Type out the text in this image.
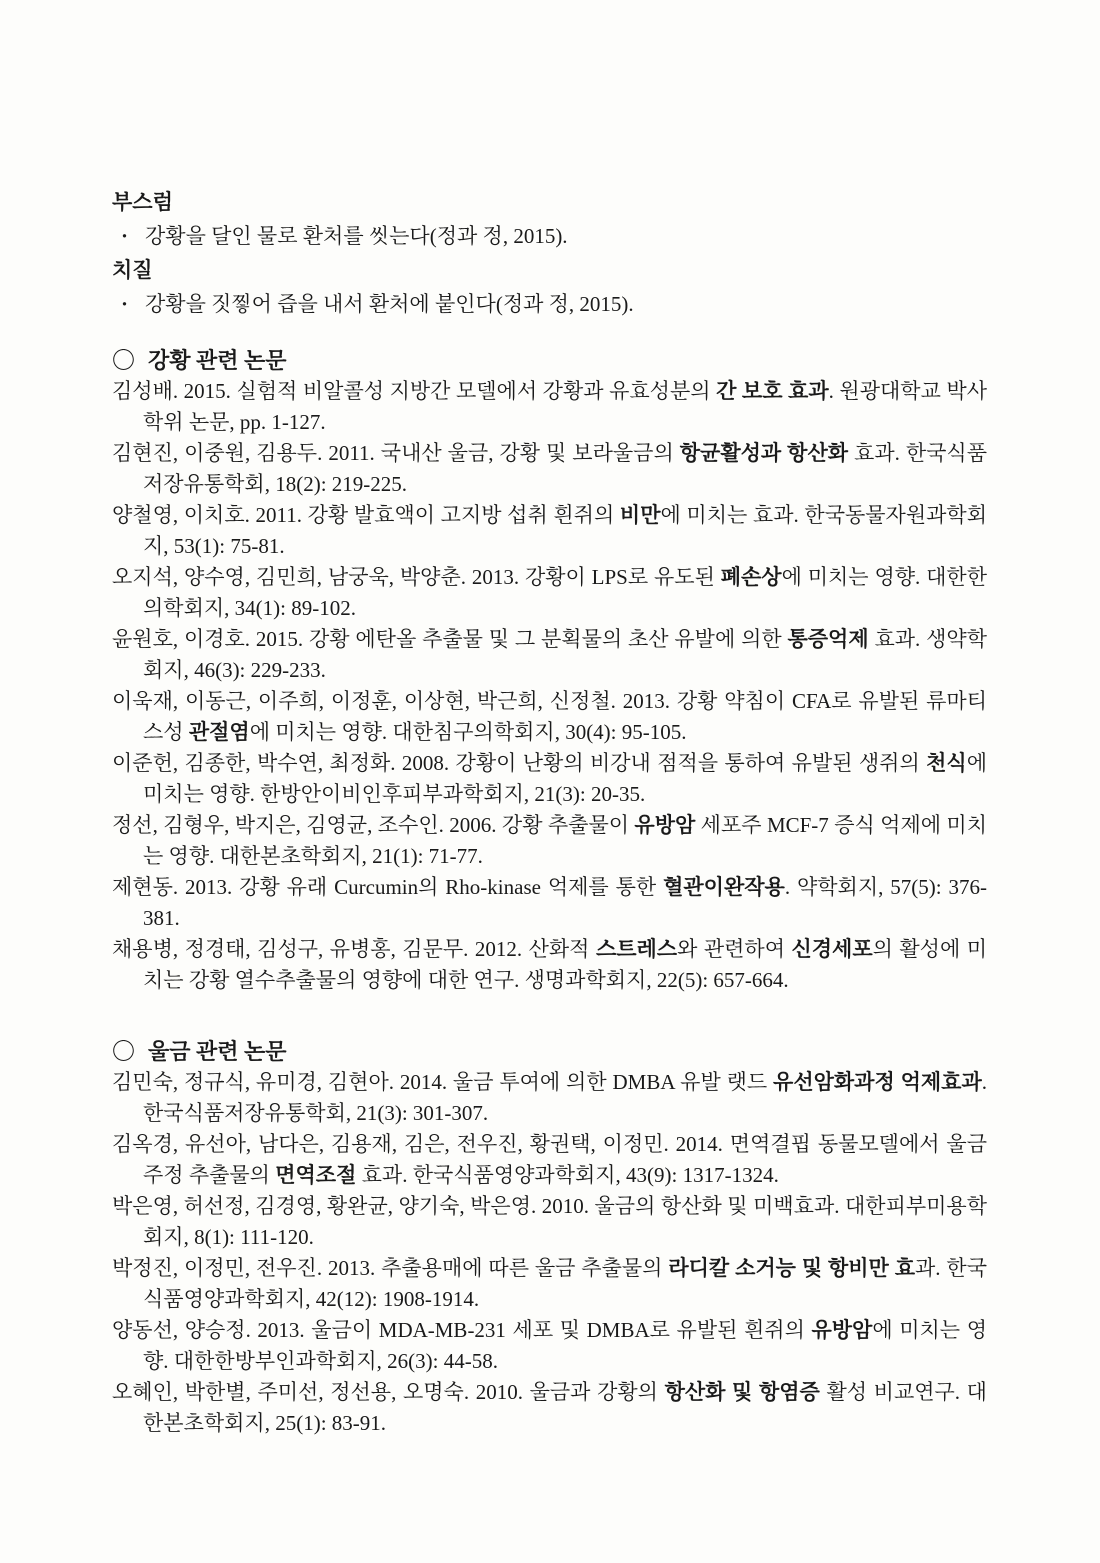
부스럼

· 강황을 달인 물로 환처를 씻는다(정과 정, 2015).

치질

· 강황을 짓찧어 즙을 내서 환처에 붙인다(정과 정, 2015).

〇 강황 관련 논문

김성배. 2015. 실험적 비알콜성 지방간 모델에서 강황과 유효성분의 간 보호 효과. 원광대학교 박사학위 논문, pp. 1-127.

김현진, 이중원, 김용두. 2011. 국내산 울금, 강황 및 보라울금의 항균활성과 항산화 효과. 한국식품저장유통학회, 18(2): 219-225.

양철영, 이치호. 2011. 강황 발효액이 고지방 섭취 흰쥐의 비만에 미치는 효과. 한국동물자원과학회지, 53(1): 75-81.

오지석, 양수영, 김민희, 남궁욱, 박양춘. 2013. 강황이 LPS로 유도된 폐손상에 미치는 영향. 대한한의학회지, 34(1): 89-102.

윤원호, 이경호. 2015. 강황 에탄올 추출물 및 그 분획물의 초산 유발에 의한 통증억제 효과. 생약학회지, 46(3): 229-233.

이욱재, 이동근, 이주희, 이정훈, 이상현, 박근희, 신정철. 2013. 강황 약침이 CFA로 유발된 류마티스성 관절염에 미치는 영향. 대한침구의학회지, 30(4): 95-105.

이준헌, 김종한, 박수연, 최정화. 2008. 강황이 난황의 비강내 점적을 통하여 유발된 생쥐의 천식에 미치는 영향. 한방안이비인후피부과학회지, 21(3): 20-35.

정선, 김형우, 박지은, 김영균, 조수인. 2006. 강황 추출물이 유방암 세포주 MCF-7 증식 억제에 미치는 영향. 대한본초학회지, 21(1): 71-77.

제현동. 2013. 강황 유래 Curcumin의 Rho-kinase 억제를 통한 혈관이완작용. 약학회지, 57(5): 376-381.

채용병, 정경태, 김성구, 유병홍, 김문무. 2012. 산화적 스트레스와 관련하여 신경세포의 활성에 미치는 강황 열수추출물의 영향에 대한 연구. 생명과학회지, 22(5): 657-664.

〇 울금 관련 논문

김민숙, 정규식, 유미경, 김현아. 2014. 울금 투여에 의한 DMBA 유발 랫드 유선암화과정 억제효과. 한국식품저장유통학회, 21(3): 301-307.

김옥경, 유선아, 남다은, 김용재, 김은, 전우진, 황권택, 이정민. 2014. 면역결핍 동물모델에서 울금 주정 추출물의 면역조절 효과. 한국식품영양과학회지, 43(9): 1317-1324.

박은영, 허선정, 김경영, 황완균, 양기숙, 박은영. 2010. 울금의 항산화 및 미백효과. 대한피부미용학회지, 8(1): 111-120.

박정진, 이정민, 전우진. 2013. 추출용매에 따른 울금 추출물의 라디칼 소거능 및 항비만 효과. 한국식품영양과학회지, 42(12): 1908-1914.

양동선, 양승정. 2013. 울금이 MDA-MB-231 세포 및 DMBA로 유발된 흰쥐의 유방암에 미치는 영향. 대한한방부인과학회지, 26(3): 44-58.

오혜인, 박한별, 주미선, 정선용, 오명숙. 2010. 울금과 강황의 항산화 및 항염증 활성 비교연구. 대한본초학회지, 25(1): 83-91.
